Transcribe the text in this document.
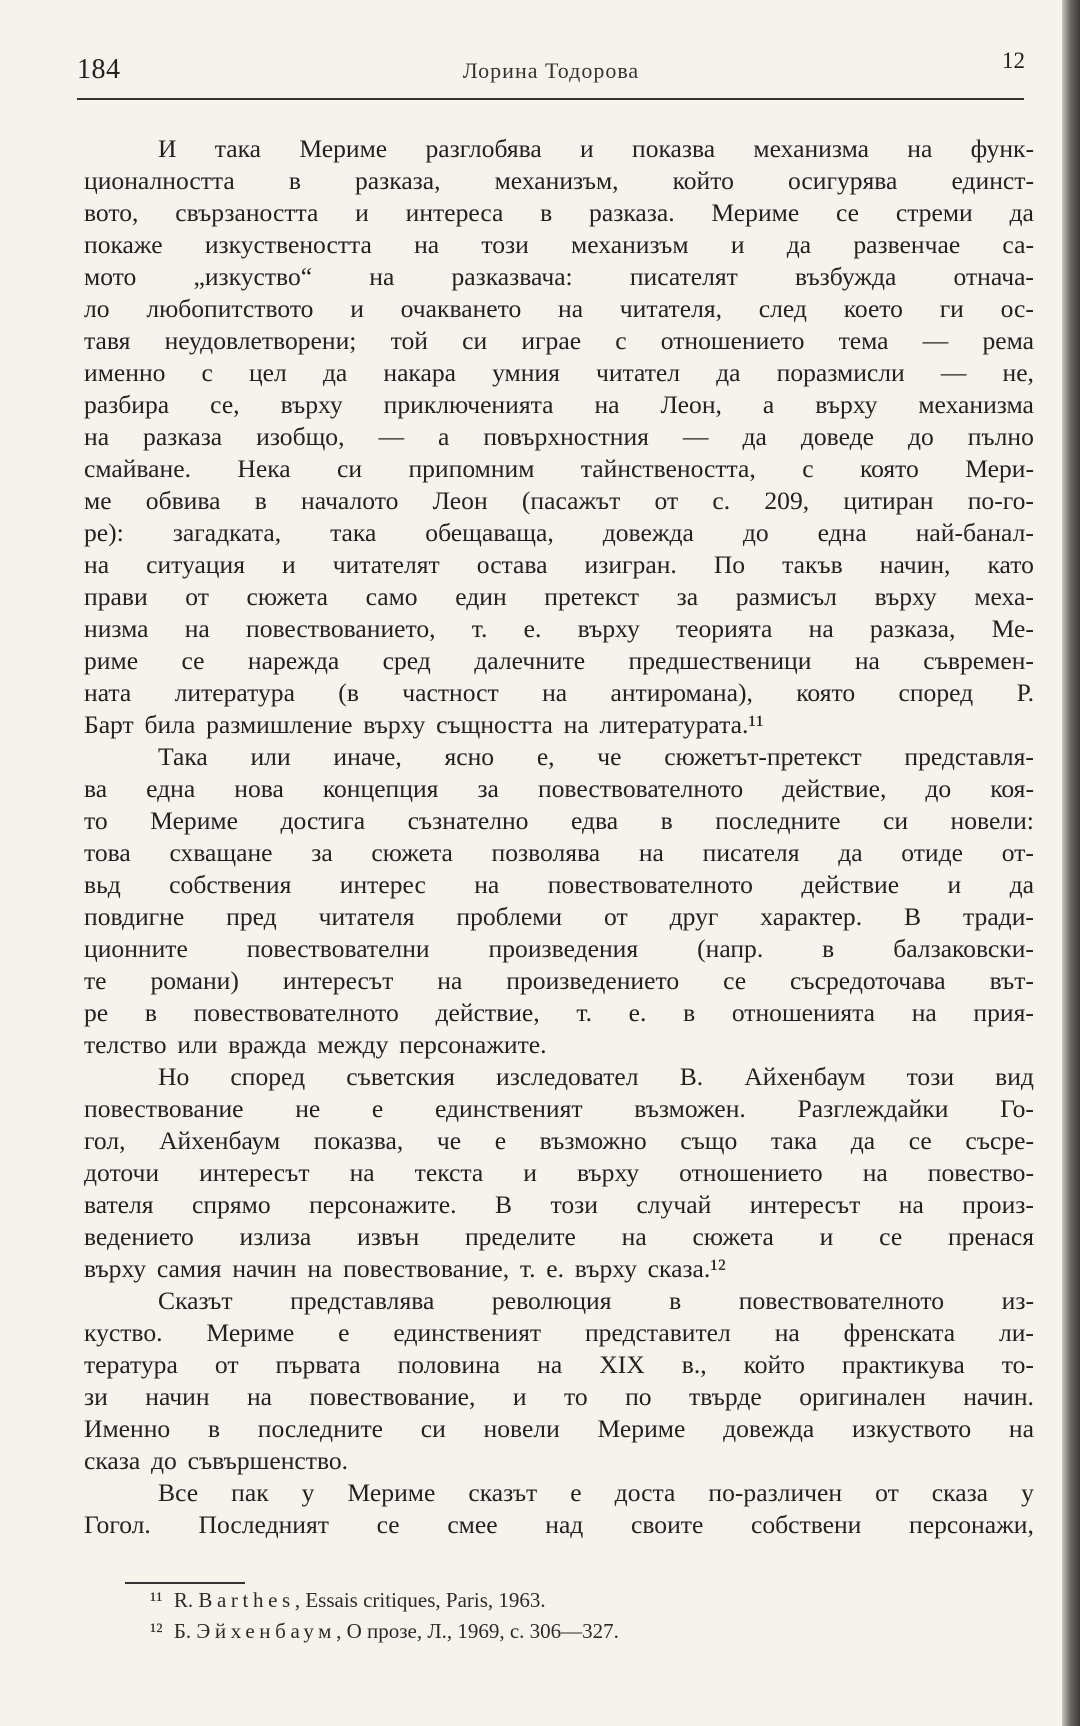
184	Лорина Тодорова	12
И така Мериме разглобява и показва механизма на функ-
ционалността в разказа, механизъм, който осигурява единст-
вото, свързаността и интереса в разказа. Мериме се стреми да
покаже изкуствеността на този механизъм и да развенчае са-
мото „изкуство“ на разказвача: писателят възбужда отнача-
ло любопитството и очакването на читателя, след което ги ос-
тавя неудовлетворени; той си играе с отношението тема — рема
именно с цел да накара умния читател да поразмисли — не,
разбира се, върху приключенията на Леон, а върху механизма
на разказа изобщо, — а повърхностния — да доведе до пълно
смайване. Нека си припомним тайнствеността, с която Мери-
ме обвива в началото Леон (пасажът от с. 209, цитиран по-го-
ре): загадката, така обещаваща, довежда до една най-банал-
на ситуация и читателят остава изигран. По такъв начин, като
прави от сюжета само един претекст за размисъл върху меха-
низма на повествованието, т. е. върху теорията на разказа, Ме-
риме се нарежда сред далечните предшественици на съвремен-
ната литература (в частност на антиромана), която според Р.
Барт била размишление върху същността на литературата.¹¹
Така или иначе, ясно е, че сюжетът-претекст представля-
ва една нова концепция за повествователното действие, до коя-
то Мериме достига съзнателно едва в последните си новели:
това схващане за сюжета позволява на писателя да отиде от-
вьд собствения интерес на повествователното действие и да
повдигне пред читателя проблеми от друг характер. В тради-
ционните повествователни произведения (напр. в балзаковски-
те романи) интересът на произведението се съсредоточава вът-
ре в повествователното действие, т. е. в отношенията на прия-
телство или вражда между персонажите.
Но според съветския изследовател В. Айхенбаум този вид
повествование не е единственият възможен. Разглеждайки Го-
гол, Айхенбаум показва, че е възможно също така да се съсре-
доточи интересът на текста и върху отношението на повество-
вателя спрямо персонажите. В този случай интересът на произ-
ведението излиза извън пределите на сюжета и се пренася
върху самия начин на повествование, т. е. върху сказа.¹²
Сказът представлява революция в повествователното из-
куство. Мериме е единственият представител на френската ли-
тература от първата половина на XIX в., който практикува то-
зи начин на повествование, и то по твърде оригинален начин.
Именно в последните си новели Мериме довежда изкуството на
сказа до съвършенство.
Все пак у Мериме сказът е доста по-различен от сказа у
Гогол. Последният се смее над своите собствени персонажи,
¹¹ R. Barthes, Essais critiques, Paris, 1963.
¹² Б. Эйхенбаум, О прозе, Л., 1969, с. 306—327.
